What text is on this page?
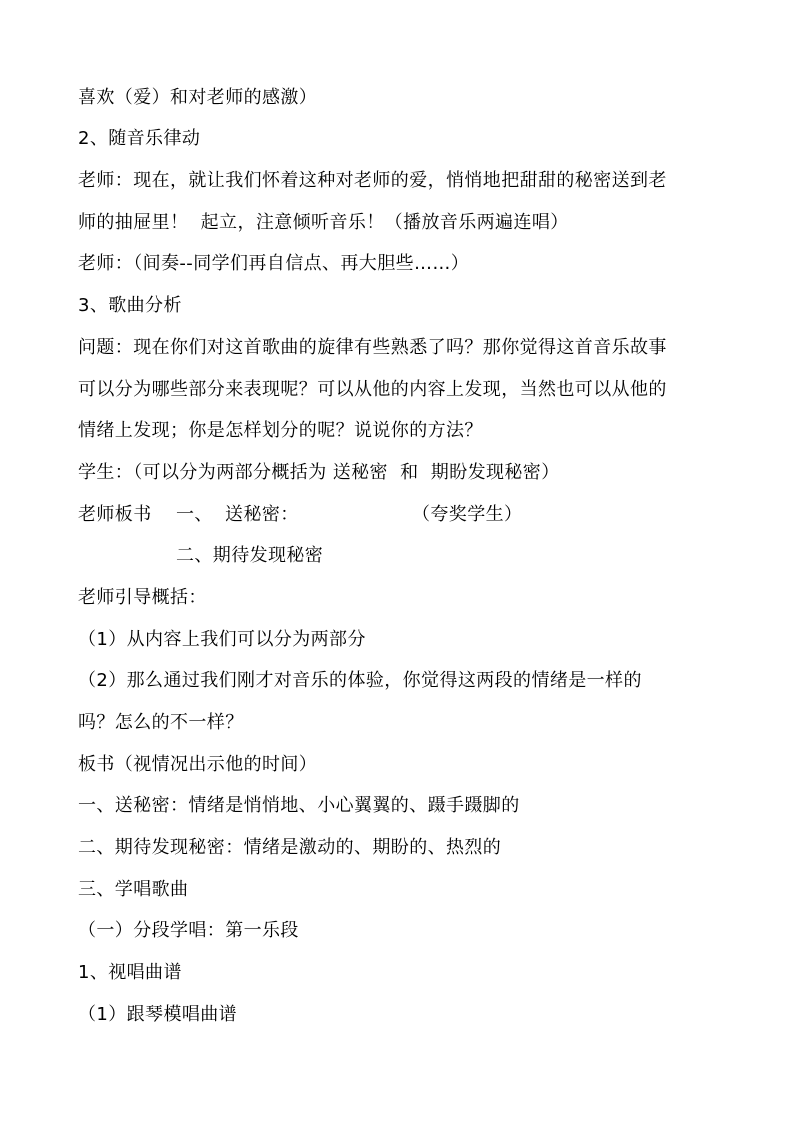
喜欢（爱）和对老师的感激）
2、随音乐律动
老师：现在，就让我们怀着这种对老师的爱，悄悄地把甜甜的秘密送到老
师的抽屉里！  起立，注意倾听音乐！（播放音乐两遍连唱）
老师：（间奏--同学们再自信点、再大胆些……）
3、歌曲分析
问题：现在你们对这首歌曲的旋律有些熟悉了吗？那你觉得这首音乐故事
可以分为哪些部分来表现呢？可以从他的内容上发现，当然也可以从他的
情绪上发现；你是怎样划分的呢？说说你的方法？
学生：（可以分为两部分概括为 送秘密  和  期盼发现秘密）

老师板书

一、  送秘密：

	（夸奖学生）

二、期待发现秘密
老师引导概括：
（1）从内容上我们可以分为两部分
（2）那么通过我们刚才对音乐的体验，你觉得这两段的情绪是一样的
吗？怎么的不一样？
板书（视情况出示他的时间）
一、送秘密：情绪是悄悄地、小心翼翼的、蹑手蹑脚的
二、期待发现秘密：情绪是激动的、期盼的、热烈的
三、学唱歌曲
（一）分段学唱：第一乐段
1、视唱曲谱
（1）跟琴模唱曲谱
